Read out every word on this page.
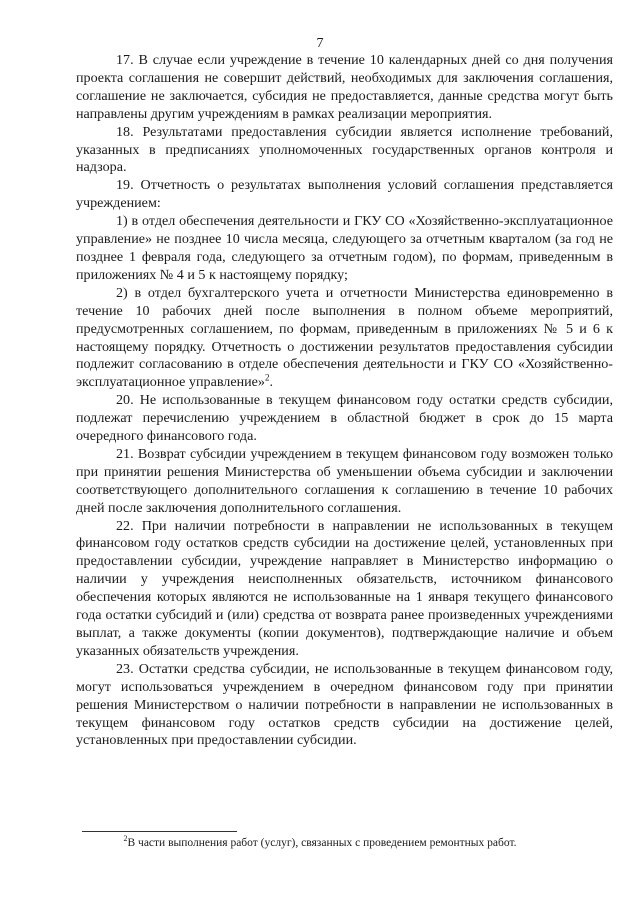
7

17. В случае если учреждение в течение 10 календарных дней со дня получения проекта соглашения не совершит действий, необходимых для заключения соглашения, соглашение не заключается, субсидия не предоставляется, данные средства могут быть направлены другим учреждениям в рамках реализации мероприятия.

18. Результатами предоставления субсидии является исполнение требований, указанных в предписаниях уполномоченных государственных органов контроля и надзора.

19. Отчетность о результатах выполнения условий соглашения представляется учреждением:

1) в отдел обеспечения деятельности и ГКУ СО «Хозяйственно-эксплуатационное управление» не позднее 10 числа месяца, следующего за отчетным кварталом (за год не позднее 1 февраля года, следующего за отчетным годом), по формам, приведенным в приложениях № 4 и 5 к настоящему порядку;

2) в отдел бухгалтерского учета и отчетности Министерства единовременно в течение 10 рабочих дней после выполнения в полном объеме мероприятий, предусмотренных соглашением, по формам, приведенным в приложениях № 5 и 6 к настоящему порядку. Отчетность о достижении результатов предоставления субсидии подлежит согласованию в отделе обеспечения деятельности и ГКУ СО «Хозяйственно-эксплуатационное управление»$^2$.

20. Не использованные в текущем финансовом году остатки средств субсидии, подлежат перечислению учреждением в областной бюджет в срок до 15 марта очередного финансового года.

21. Возврат субсидии учреждением в текущем финансовом году возможен только при принятии решения Министерства об уменьшении объема субсидии и заключении соответствующего дополнительного соглашения к соглашению в течение 10 рабочих дней после заключения дополнительного соглашения.

22. При наличии потребности в направлении не использованных в текущем финансовом году остатков средств субсидии на достижение целей, установленных при предоставлении субсидии, учреждение направляет в Министерство информацию о наличии у учреждения неисполненных обязательств, источником финансового обеспечения которых являются не использованные на 1 января текущего финансового года остатки субсидий и (или) средства от возврата ранее произведенных учреждениями выплат, а также документы (копии документов), подтверждающие наличие и объем указанных обязательств учреждения.

23. Остатки средства субсидии, не использованные в текущем финансовом году, могут использоваться учреждением в очередном финансовом году при принятии решения Министерством о наличии потребности в направлении не использованных в текущем финансовом году остатков средств субсидии на достижение целей, установленных при предоставлении субсидии.

$^2$В части выполнения работ (услуг), связанных с проведением ремонтных работ.
